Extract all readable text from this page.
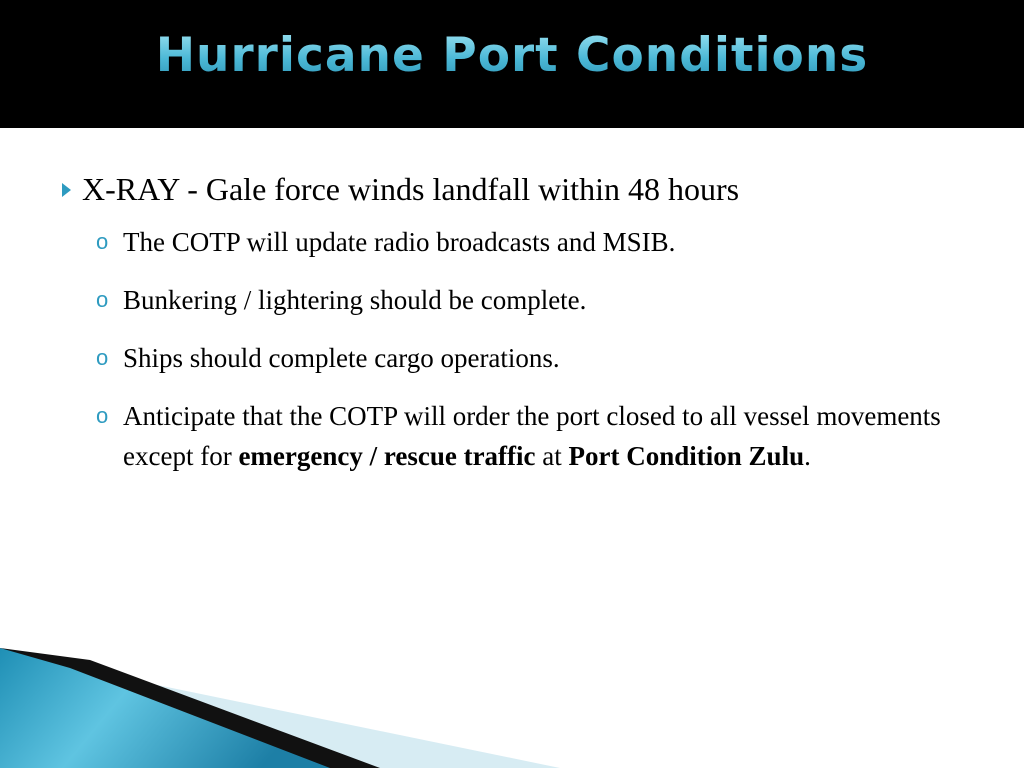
Hurricane Port Conditions
X-RAY - Gale force winds landfall within 48 hours
o The COTP will update radio broadcasts and MSIB.
o Bunkering / lightering should be complete.
o Ships should complete cargo operations.
o Anticipate that the COTP will order the port closed to all vessel movements except for emergency / rescue traffic at Port Condition Zulu.
